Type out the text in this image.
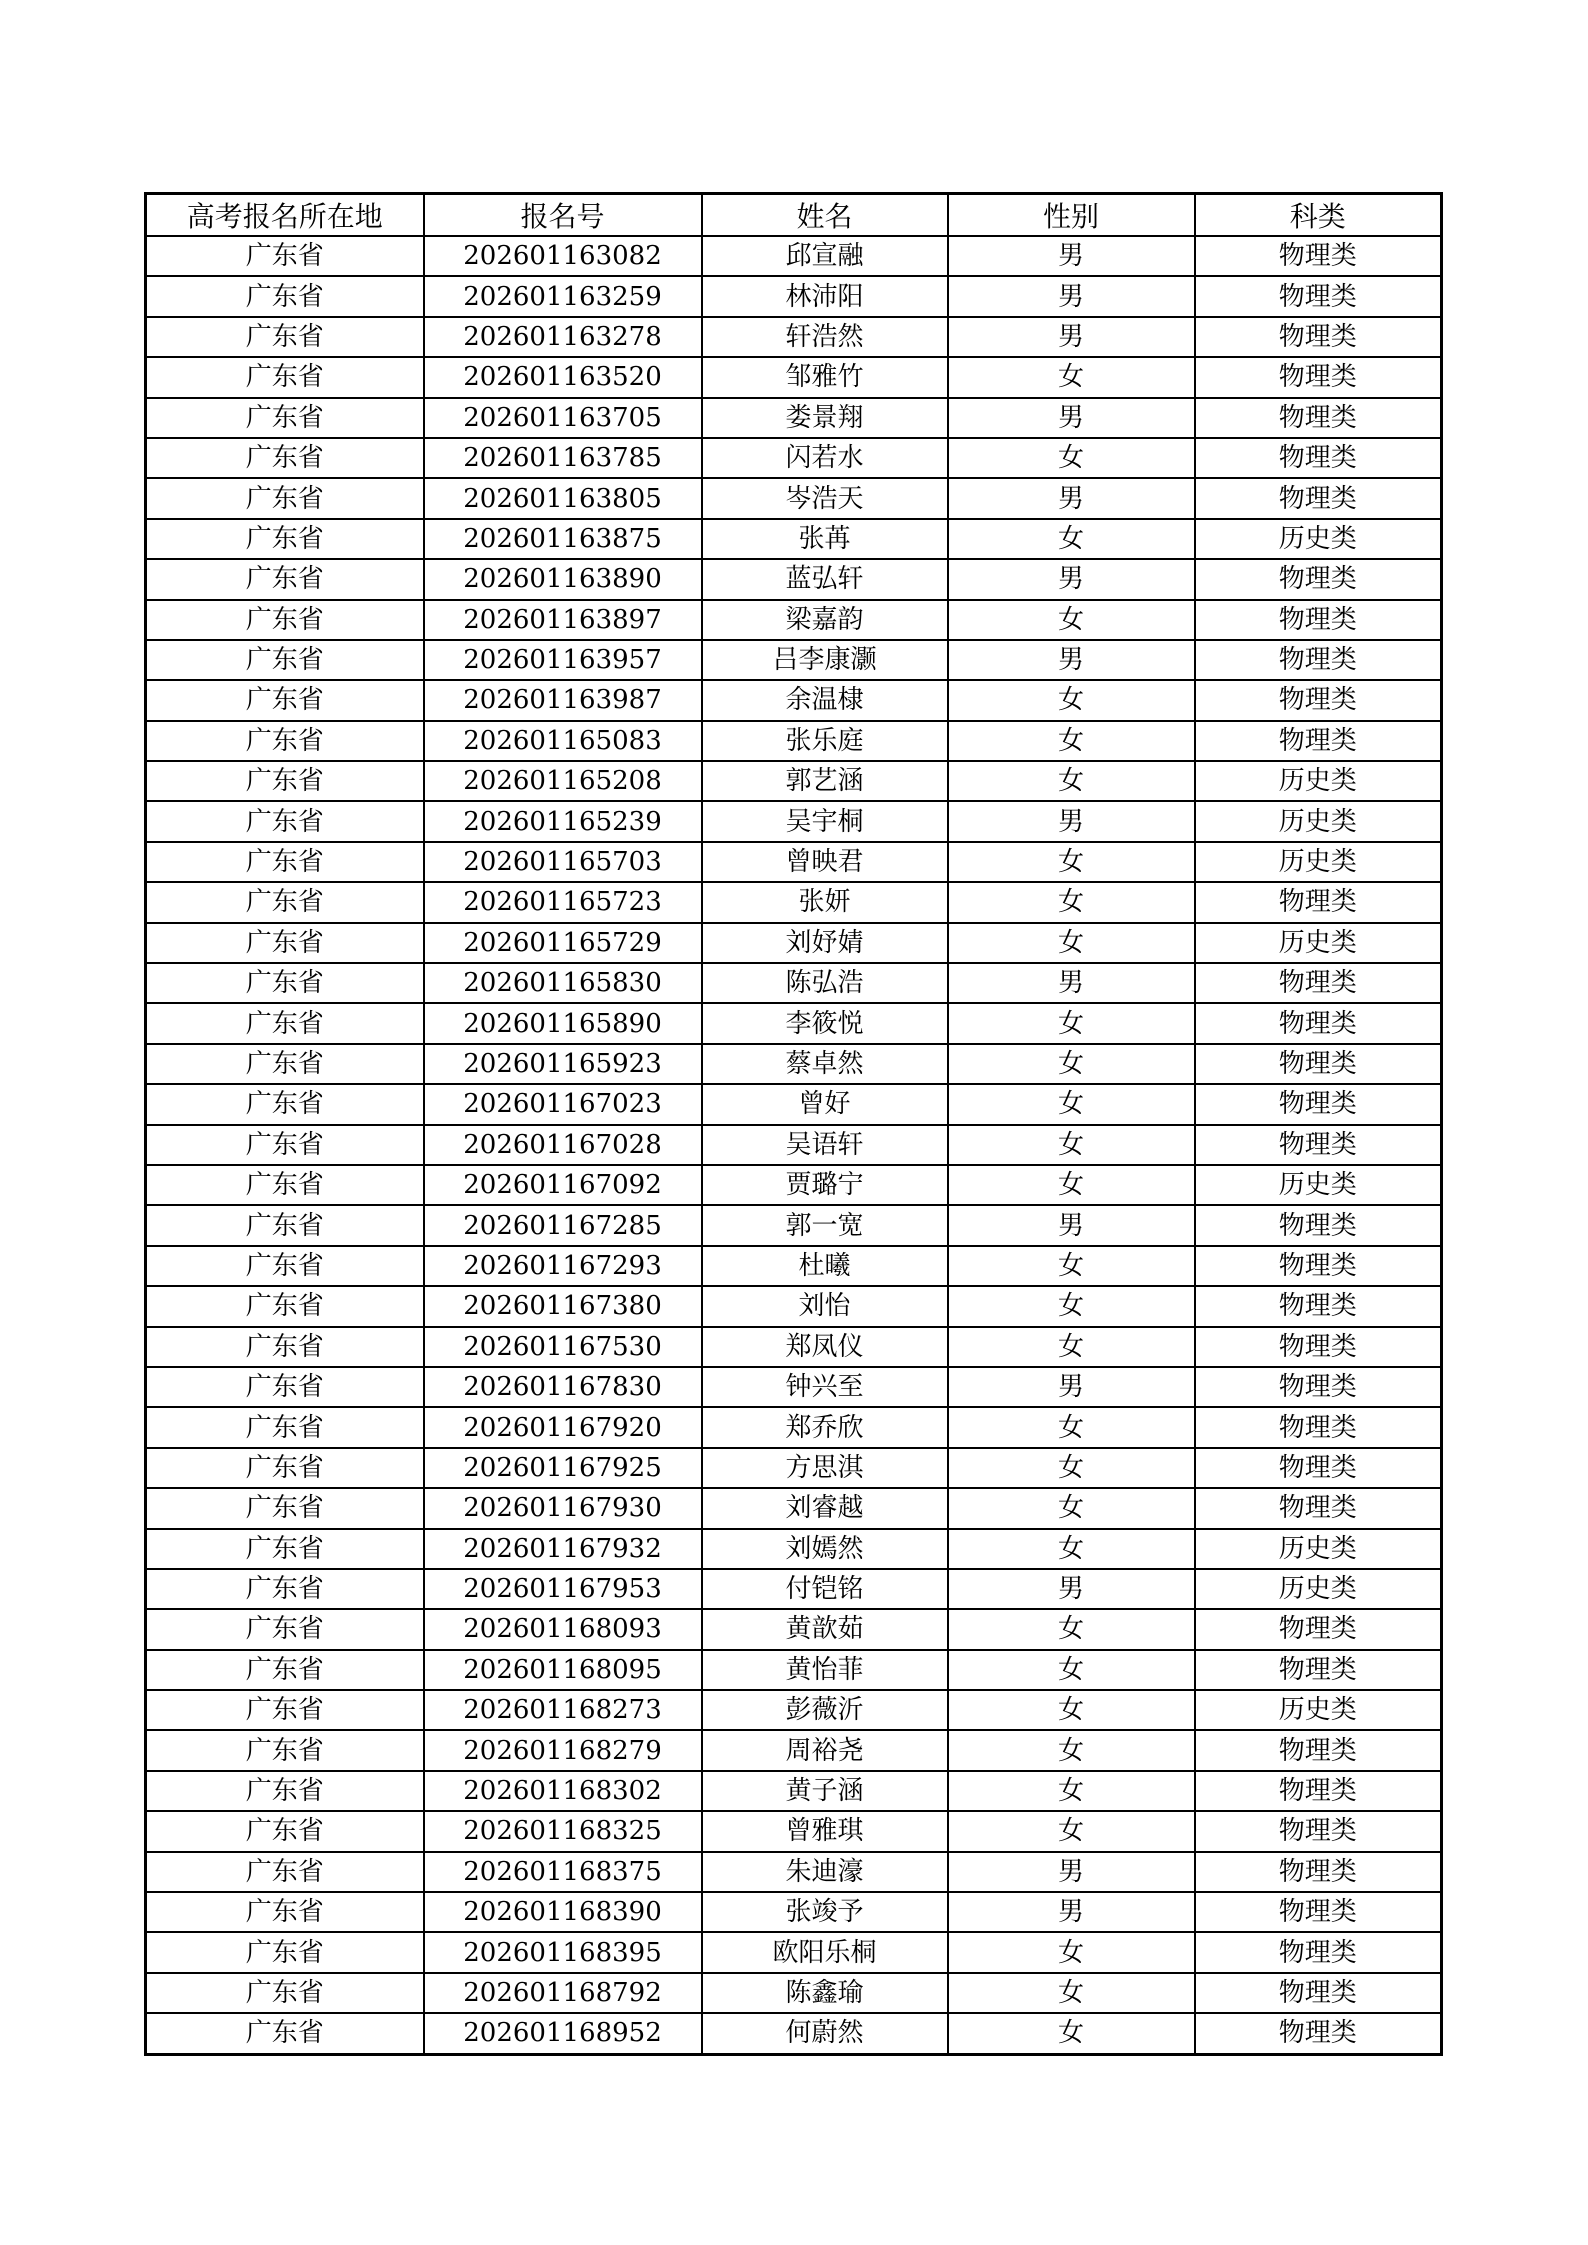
高考报名所在地	报名号	姓名	性别	科类
广东省	202601163082	邱宣融	男	物理类
广东省	202601163259	林沛阳	男	物理类
广东省	202601163278	轩浩然	男	物理类
广东省	202601163520	邹雅竹	女	物理类
广东省	202601163705	娄景翔	男	物理类
广东省	202601163785	闪若水	女	物理类
广东省	202601163805	岑浩天	男	物理类
广东省	202601163875	张苒	女	历史类
广东省	202601163890	蓝弘轩	男	物理类
广东省	202601163897	梁嘉韵	女	物理类
广东省	202601163957	吕李康灏	男	物理类
广东省	202601163987	余温棣	女	物理类
广东省	202601165083	张乐庭	女	物理类
广东省	202601165208	郭艺涵	女	历史类
广东省	202601165239	吴宇桐	男	历史类
广东省	202601165703	曾映君	女	历史类
广东省	202601165723	张妍	女	物理类
广东省	202601165729	刘妤婧	女	历史类
广东省	202601165830	陈弘浩	男	物理类
广东省	202601165890	李筱悦	女	物理类
广东省	202601165923	蔡卓然	女	物理类
广东省	202601167023	曾好	女	物理类
广东省	202601167028	吴语轩	女	物理类
广东省	202601167092	贾璐宁	女	历史类
广东省	202601167285	郭一宽	男	物理类
广东省	202601167293	杜曦	女	物理类
广东省	202601167380	刘怡	女	物理类
广东省	202601167530	郑凤仪	女	物理类
广东省	202601167830	钟兴至	男	物理类
广东省	202601167920	郑乔欣	女	物理类
广东省	202601167925	方思淇	女	物理类
广东省	202601167930	刘睿越	女	物理类
广东省	202601167932	刘嫣然	女	历史类
广东省	202601167953	付铠铭	男	历史类
广东省	202601168093	黄歆茹	女	物理类
广东省	202601168095	黄怡菲	女	物理类
广东省	202601168273	彭薇沂	女	历史类
广东省	202601168279	周裕尧	女	物理类
广东省	202601168302	黄子涵	女	物理类
广东省	202601168325	曾雅琪	女	物理类
广东省	202601168375	朱迪濠	男	物理类
广东省	202601168390	张竣予	男	物理类
广东省	202601168395	欧阳乐桐	女	物理类
广东省	202601168792	陈鑫瑜	女	物理类
广东省	202601168952	何蔚然	女	物理类
